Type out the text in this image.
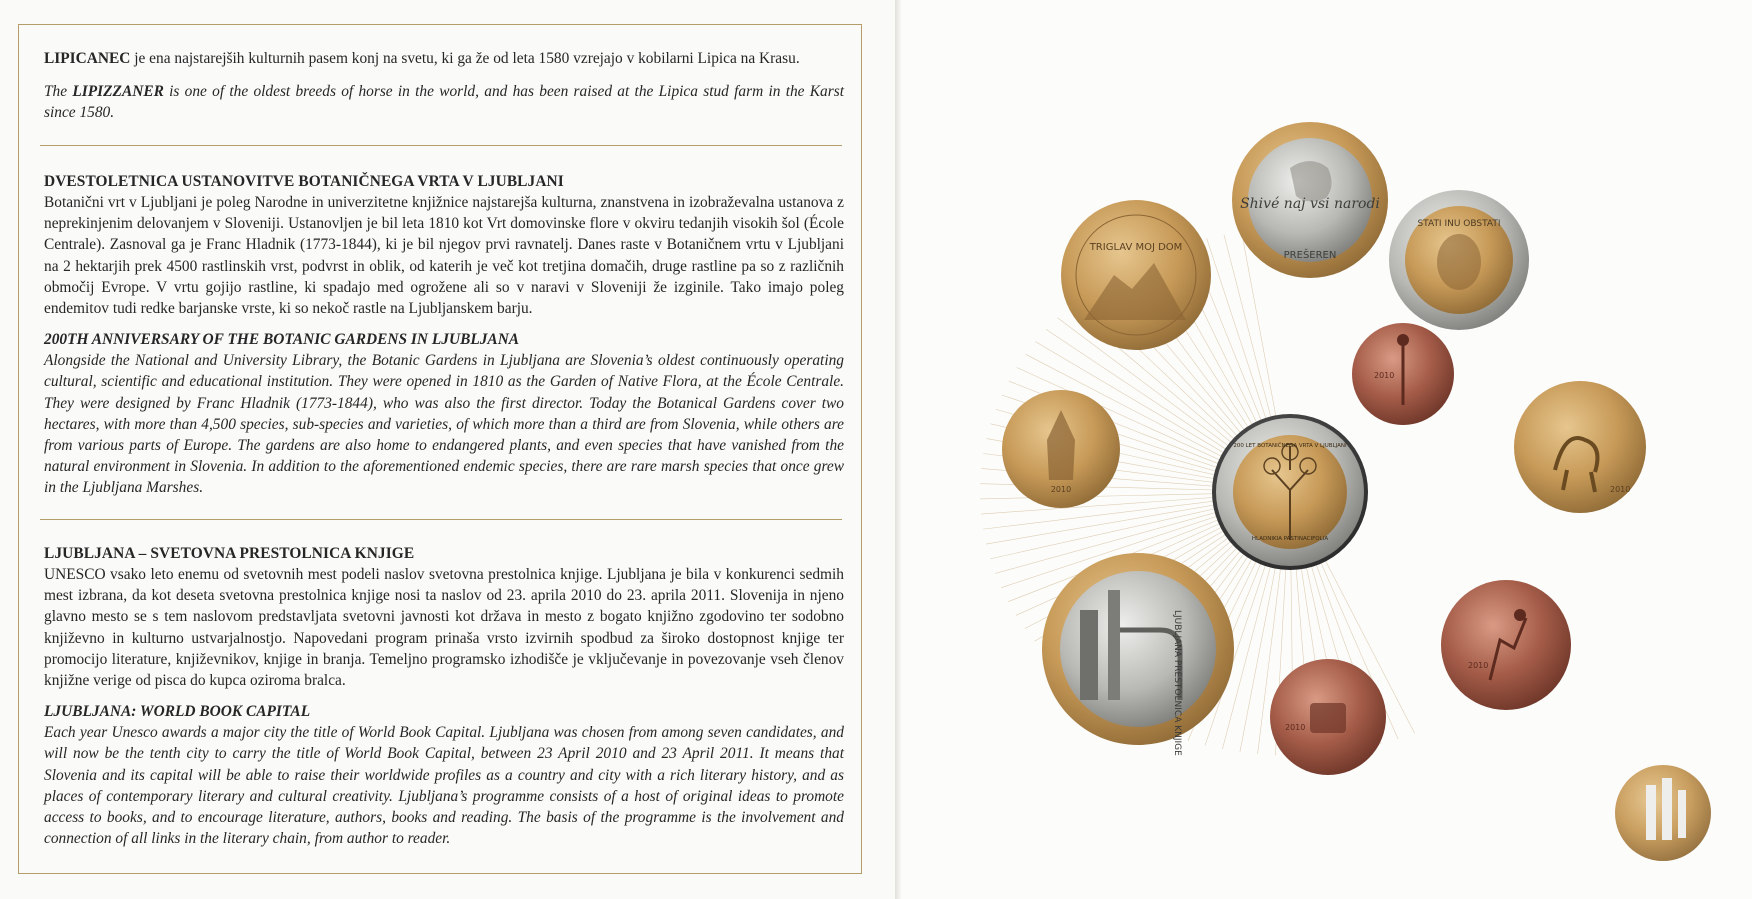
LIPICANEC je ena najstarejših kulturnih pasem konj na svetu, ki ga že od leta 1580 vzrejajo v kobilarni Lipica na Krasu.

The LIPIZZANER is one of the oldest breeds of horse in the world, and has been raised at the Lipica stud farm in the Karst since 1580.

DVESTOLETNICA USTANOVITVE BOTANIČNEGA VRTA V LJUBLJANI

Botanični vrt v Ljubljani je poleg Narodne in univerzitetne knjižnice najstarejša kulturna, znanstvena in izobraževalna ustanova z neprekinjenim delovanjem v Sloveniji. Ustanovljen je bil leta 1810 kot Vrt domovinske flore v okviru tedanjih visokih šol (École Centrale). Zasnoval ga je Franc Hladnik (1773-1844), ki je bil njegov prvi ravnatelj. Danes raste v Botaničnem vrtu v Ljubljani na 2 hektarjih prek 4500 rastlinskih vrst, podvrst in oblik, od katerih je več kot tretjina domačih, druge rastline pa so z različnih območij Evrope. V vrtu gojijo rastline, ki spadajo med ogrožene ali so v naravi v Sloveniji že izginile. Tako imajo poleg endemitov tudi redke barjanske vrste, ki so nekoč rastle na Ljubljanskem barju.

200TH ANNIVERSARY OF THE BOTANIC GARDENS IN LJUBLJANA

Alongside the National and University Library, the Botanic Gardens in Ljubljana are Slovenia’s oldest continuously operating cultural, scientific and educational institution. They were opened in 1810 as the Garden of Native Flora, at the École Centrale. They were designed by Franc Hladnik (1773-1844), who was also the first director. Today the Botanical Gardens cover two hectares, with more than 4,500 species, sub-species and varieties, of which more than a third are from Slovenia, while others are from various parts of Europe. The gardens are also home to endangered plants, and even species that have vanished from the natural environment in Slovenia. In addition to the aforementioned endemic species, there are rare marsh species that once grew in the Ljubljana Marshes.

LJUBLJANA – SVETOVNA PRESTOLNICA KNJIGE

UNESCO vsako leto enemu od svetovnih mest podeli naslov svetovna prestolnica knjige. Ljubljana je bila v konkurenci sedmih mest izbrana, da kot deseta svetovna prestolnica knjige nosi ta naslov od 23. aprila 2010 do 23. aprila 2011. Slovenija in njeno glavno mesto se s tem naslovom predstavljata svetovni javnosti kot država in mesto z bogato knjižno zgodovino ter sodobno književno in kulturno ustvarjalnostjo. Napovedani program prinaša vrsto izvirnih spodbud za široko dostopnost knjige ter promocijo literature, književnikov, knjige in branja. Temeljno programsko izhodišče je vključevanje in povezovanje vseh členov knjižne verige od pisca do kupca oziroma bralca.

LJUBLJANA: WORLD BOOK CAPITAL

Each year Unesco awards a major city the title of World Book Capital. Ljubljana was chosen from among seven candidates, and will now be the tenth city to carry the title of World Book Capital, between 23 April 2010 and 23 April 2011. It means that Slovenia and its capital will be able to raise their worldwide profiles as a country and city with a rich literary history, and as places of contemporary literary and cultural creativity. Ljubljana’s programme consists of a host of original ideas to promote access to books, and to encourage literature, authors, books and reading. The basis of the programme is the involvement and connection of all links in the literary chain, from author to reader.

Shivé naj vsi narodi
PREŠEREN
TRIGLAV MOJ DOM
STATI INU OBSTATI
2010
2010	2010
200 LET BOTANIČNEGA VRTA V LJUBLJANI
HLADNIKIA PASTINACIFOLIA
LJUBLJANA PRESTOLNICA KNJIGE	2010
2010
